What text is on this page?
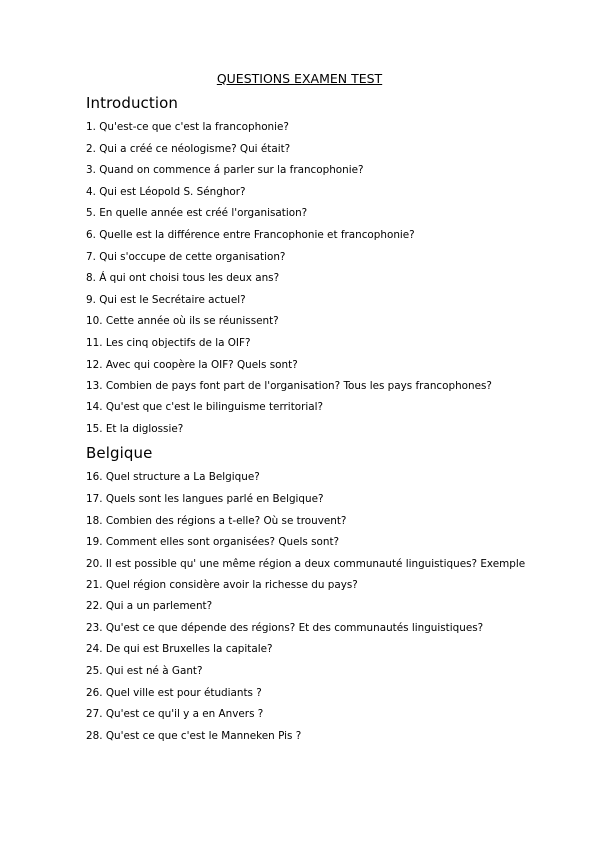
QUESTIONS EXAMEN TEST
Introduction
1. Qu'est-ce que c'est la francophonie?
2. Qui a créé ce néologisme? Qui était?
3. Quand on commence á parler sur la francophonie?
4. Qui est Léopold S. Sénghor?
5. En quelle année est créé l'organisation?
6. Quelle est la différence entre Francophonie et francophonie?
7. Qui s'occupe de cette organisation?
8. Á qui ont choisi tous les deux ans?
9. Qui est le Secrétaire actuel?
10. Cette année où ils se réunissent?
11. Les cinq objectifs de la OIF?
12. Avec qui coopère la OIF? Quels sont?
13. Combien de pays font part de l'organisation? Tous les pays francophones?
14. Qu'est que c'est le bilinguisme territorial?
15. Et la diglossie?
Belgique
16. Quel structure a La Belgique?
17. Quels sont les langues parlé en Belgique?
18. Combien des régions a t-elle? Où se trouvent?
19. Comment elles sont organisées? Quels sont?
20. Il est possible qu' une même région a deux communauté linguistiques? Exemple
21. Quel région considère avoir la richesse du pays?
22. Qui a un parlement?
23. Qu'est ce que dépende des régions? Et des communautés linguistiques?
24. De qui est Bruxelles la capitale?
25. Qui est né à Gant?
26. Quel ville est pour étudiants ?
27. Qu'est ce qu'il y a en Anvers ?
28. Qu'est ce que c'est le Manneken Pis ?
